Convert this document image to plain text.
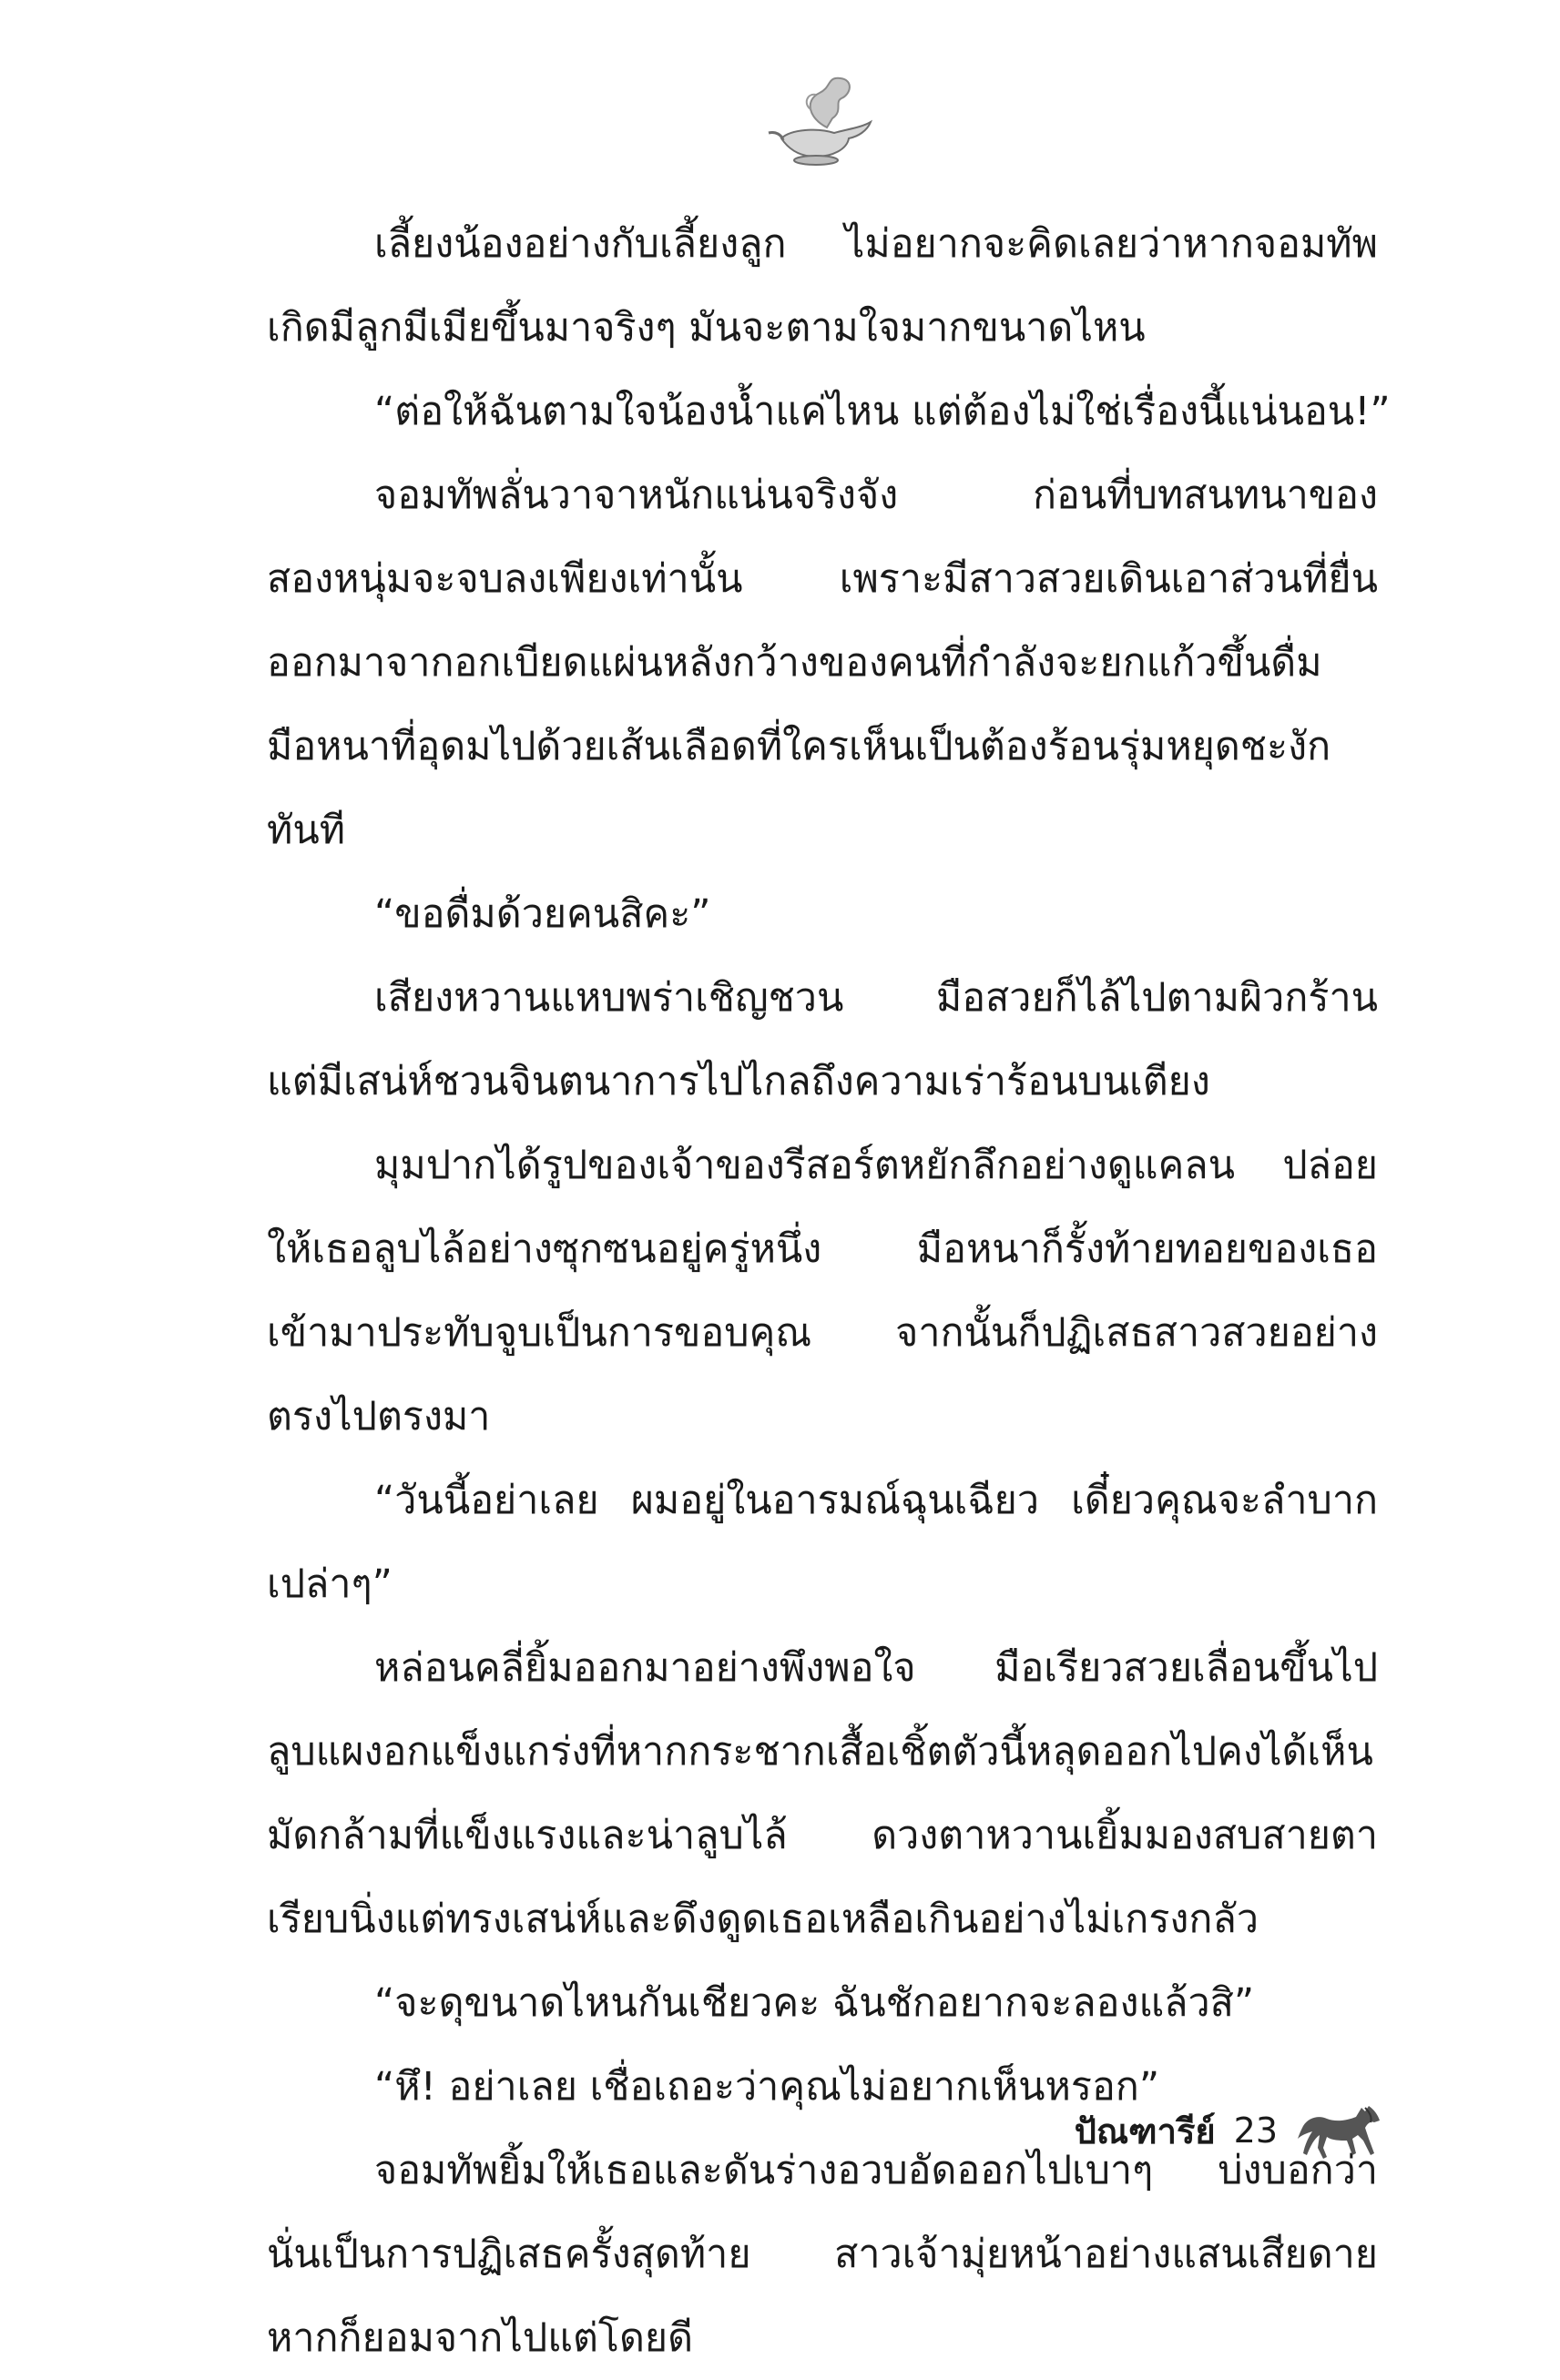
เลี้ยงน้องอย่างกับเลี้ยงลูก ไม่อยากจะคิดเลยว่าหากจอมทัพ
เกิดมีลูกมีเมียขึ้นมาจริงๆ มันจะตามใจมากขนาดไหน
“ต่อให้ฉันตามใจน้องน้ำแค่ไหน แต่ต้องไม่ใช่เรื่องนี้แน่นอน!”
จอมทัพลั่นวาจาหนักแน่นจริงจัง ก่อนที่บทสนทนาของ
สองหนุ่มจะจบลงเพียงเท่านั้น เพราะมีสาวสวยเดินเอาส่วนที่ยื่น
ออกมาจากอกเบียดแผ่นหลังกว้างของคนที่กำลังจะยกแก้วขึ้นดื่ม
มือหนาที่อุดมไปด้วยเส้นเลือดที่ใครเห็นเป็นต้องร้อนรุ่มหยุดชะงัก
ทันที
“ขอดื่มด้วยคนสิคะ”
เสียงหวานแหบพร่าเชิญชวน มือสวยก็ไล้ไปตามผิวกร้าน
แต่มีเสน่ห์ชวนจินตนาการไปไกลถึงความเร่าร้อนบนเตียง
มุมปากได้รูปของเจ้าของรีสอร์ตหยักลึกอย่างดูแคลน ปล่อย
ให้เธอลูบไล้อย่างซุกซนอยู่ครู่หนึ่ง มือหนาก็รั้งท้ายทอยของเธอ
เข้ามาประทับจูบเป็นการขอบคุณ จากนั้นก็ปฏิเสธสาวสวยอย่าง
ตรงไปตรงมา
“วันนี้อย่าเลย ผมอยู่ในอารมณ์ฉุนเฉียว เดี๋ยวคุณจะลำบาก
เปล่าๆ”
หล่อนคลี่ยิ้มออกมาอย่างพึงพอใจ มือเรียวสวยเลื่อนขึ้นไป
ลูบแผงอกแข็งแกร่งที่หากกระชากเสื้อเชิ้ตตัวนี้หลุดออกไปคงได้เห็น
มัดกล้ามที่แข็งแรงและน่าลูบไล้ ดวงตาหวานเยิ้มมองสบสายตา
เรียบนิ่งแต่ทรงเสน่ห์และดึงดูดเธอเหลือเกินอย่างไม่เกรงกลัว
“จะดุขนาดไหนกันเชียวคะ ฉันชักอยากจะลองแล้วสิ”
“หึ! อย่าเลย เชื่อเถอะว่าคุณไม่อยากเห็นหรอก”
จอมทัพยิ้มให้เธอและดันร่างอวบอัดออกไปเบาๆ บ่งบอกว่า
นั่นเป็นการปฏิเสธครั้งสุดท้าย สาวเจ้ามุ่ยหน้าอย่างแสนเสียดาย
หากก็ยอมจากไปแต่โดยดี
ปัณฑารีย์ 23
